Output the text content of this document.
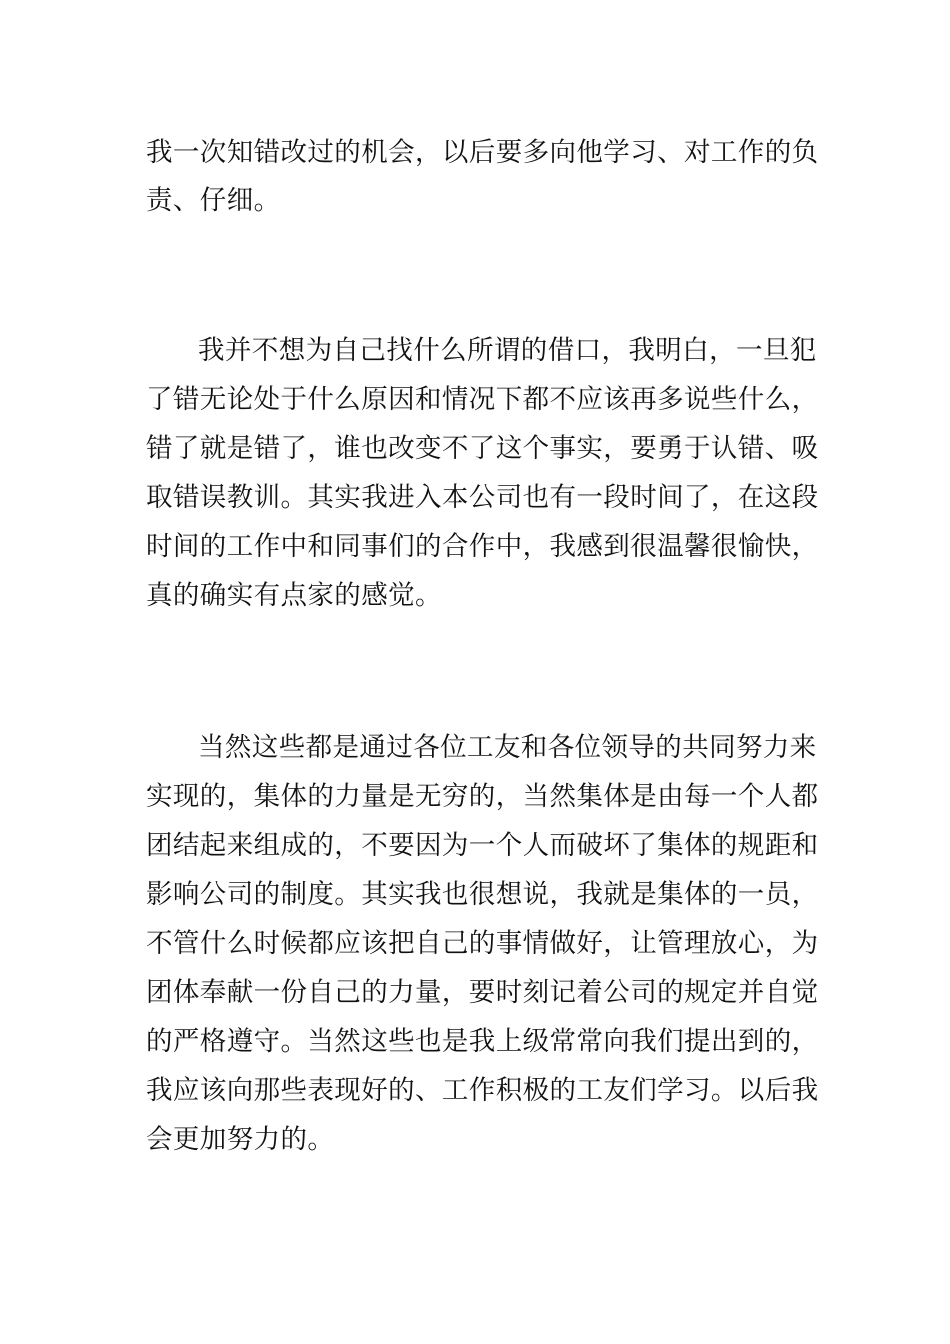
我一次知错改过的机会，以后要多向他学习、对工作的负
责、仔细。
我并不想为自己找什么所谓的借口，我明白，一旦犯
了错无论处于什么原因和情况下都不应该再多说些什么，
错了就是错了，谁也改变不了这个事实，要勇于认错、吸
取错误教训。其实我进入本公司也有一段时间了，在这段
时间的工作中和同事们的合作中，我感到很温馨很愉快，
真的确实有点家的感觉。
当然这些都是通过各位工友和各位领导的共同努力来
实现的，集体的力量是无穷的，当然集体是由每一个人都
团结起来组成的，不要因为一个人而破坏了集体的规距和
影响公司的制度。其实我也很想说，我就是集体的一员，
不管什么时候都应该把自己的事情做好，让管理放心，为
团体奉献一份自己的力量，要时刻记着公司的规定并自觉
的严格遵守。当然这些也是我上级常常向我们提出到的，
我应该向那些表现好的、工作积极的工友们学习。以后我
会更加努力的。
